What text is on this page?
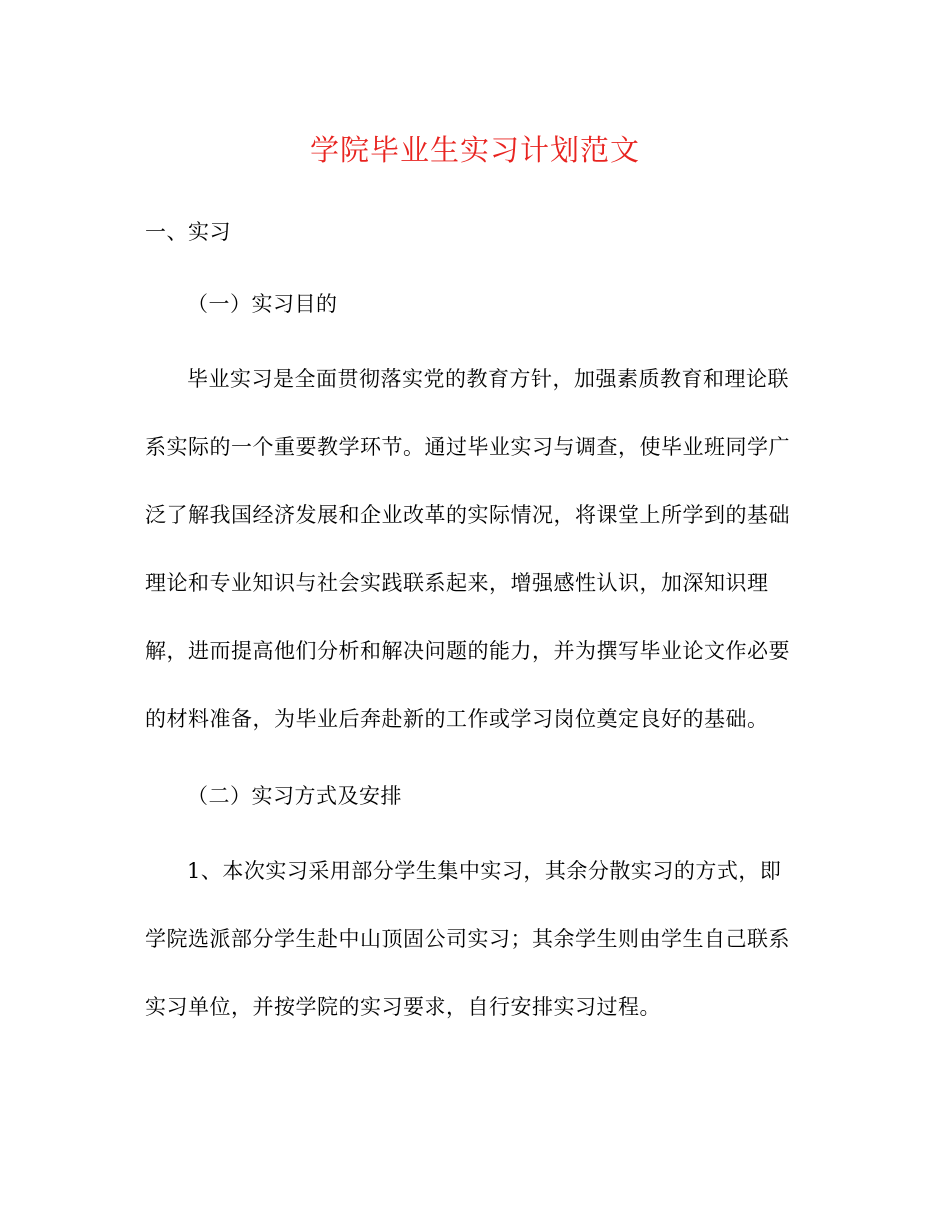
学院毕业生实习计划范文
一、实习
（一）实习目的
毕业实习是全面贯彻落实党的教育方针，加强素质教育和理论联
系实际的一个重要教学环节。通过毕业实习与调查，使毕业班同学广
泛了解我国经济发展和企业改革的实际情况，将课堂上所学到的基础
理论和专业知识与社会实践联系起来，增强感性认识，加深知识理
解，进而提高他们分析和解决问题的能力，并为撰写毕业论文作必要
的材料准备，为毕业后奔赴新的工作或学习岗位奠定良好的基础。
（二）实习方式及安排
1、本次实习采用部分学生集中实习，其余分散实习的方式，即
学院选派部分学生赴中山顶固公司实习；其余学生则由学生自己联系
实习单位，并按学院的实习要求，自行安排实习过程。
